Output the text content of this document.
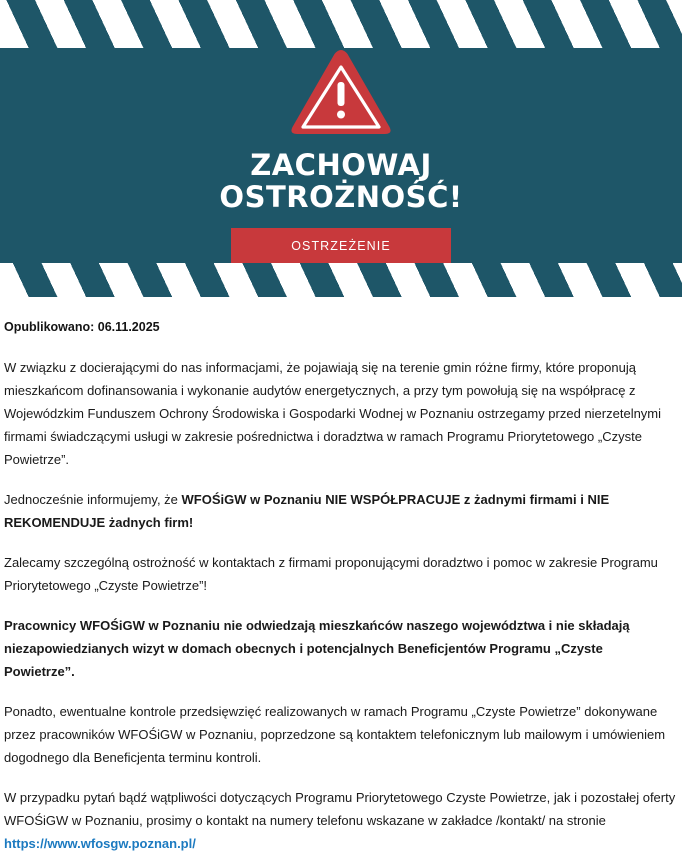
ZACHOWAJ
OSTROŻNOŚĆ!
OSTRZEŻENIE

Opublikowano: 06.11.2025

W związku z docierającymi do nas informacjami, że pojawiają się na terenie gmin różne firmy, które proponują mieszkańcom dofinansowania i wykonanie audytów energetycznych, a przy tym powołują się na współpracę z Wojewódzkim Funduszem Ochrony Środowiska i Gospodarki Wodnej w Poznaniu ostrzegamy przed nierzetelnymi firmami świadczącymi usługi w zakresie pośrednictwa i doradztwa w ramach Programu Priorytetowego „Czyste Powietrze”.

Jednocześnie informujemy, że WFOŚiGW w Poznaniu NIE WSPÓŁPRACUJE z żadnymi firmami i NIE REKOMENDUJE żadnych firm!

Zalecamy szczególną ostrożność w kontaktach z firmami proponującymi doradztwo i pomoc w zakresie Programu Priorytetowego „Czyste Powietrze”!

Pracownicy WFOŚiGW w Poznaniu nie odwiedzają mieszkańców naszego województwa i nie składają niezapowiedzianych wizyt w domach obecnych i potencjalnych Beneficjentów Programu „Czyste Powietrze”.

Ponadto, ewentualne kontrole przedsięwzięć realizowanych w ramach Programu „Czyste Powietrze” dokonywane przez pracowników WFOŚiGW w Poznaniu, poprzedzone są kontaktem telefonicznym lub mailowym i umówieniem dogodnego dla Beneficjenta terminu kontroli.

W przypadku pytań bądź wątpliwości dotyczących Programu Priorytetowego Czyste Powietrze, jak i pozostałej oferty WFOŚiGW w Poznaniu, prosimy o kontakt na numery telefonu wskazane w zakładce /kontakt/ na stronie https://www.wfosgw.poznan.pl/
